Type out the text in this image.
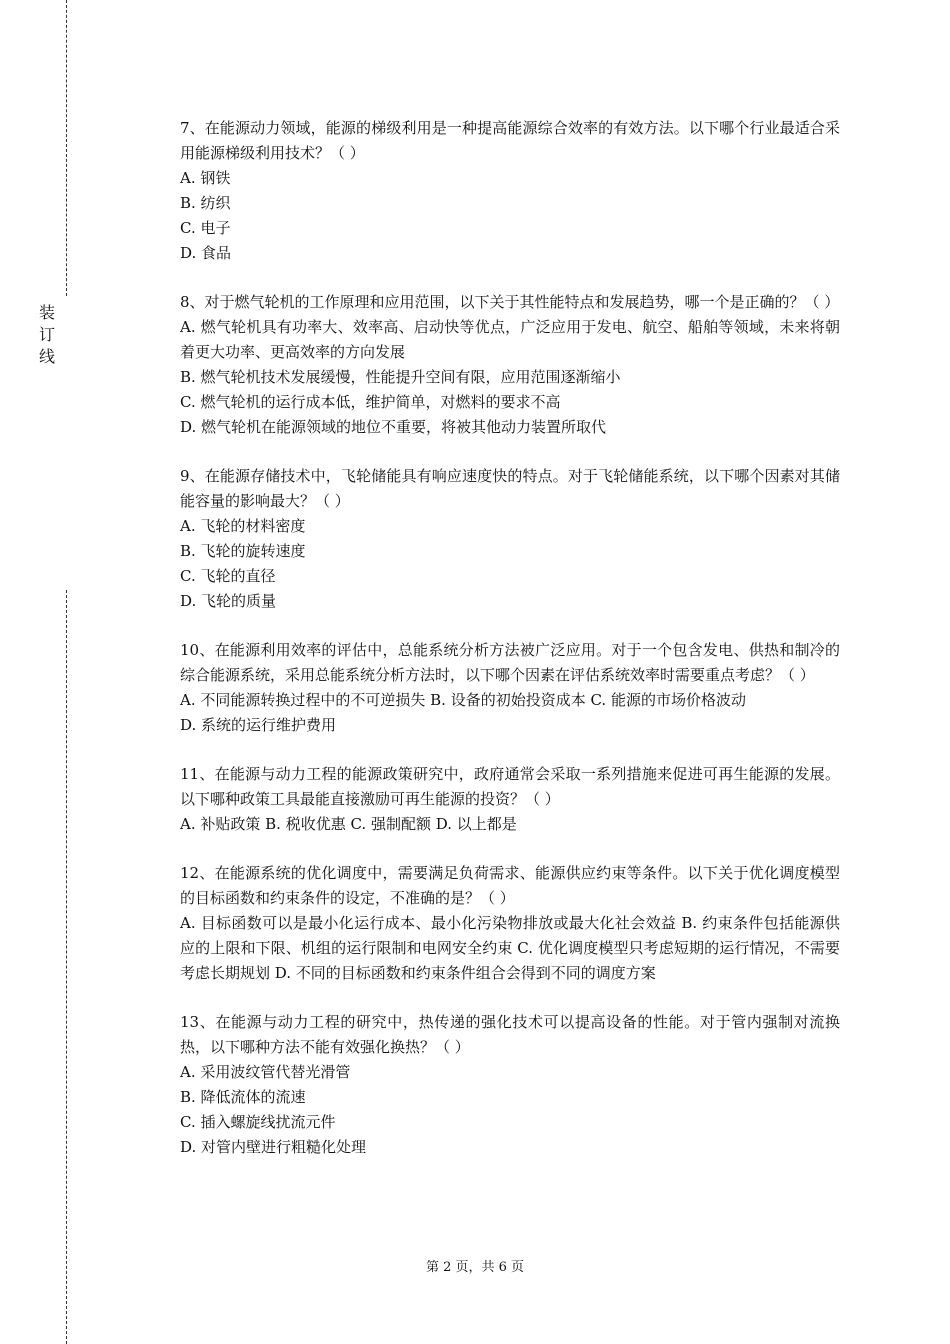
装
订
线
7、在能源动力领域，能源的梯级利用是一种提高能源综合效率的有效方法。以下哪个行业最适合采用能源梯级利用技术？（ ）
A. 钢铁
B. 纺织
C. 电子
D. 食品
8、对于燃气轮机的工作原理和应用范围，以下关于其性能特点和发展趋势，哪一个是正确的？（ ）
A. 燃气轮机具有功率大、效率高、启动快等优点，广泛应用于发电、航空、船舶等领域，未来将朝着更大功率、更高效率的方向发展
B. 燃气轮机技术发展缓慢，性能提升空间有限，应用范围逐渐缩小
C. 燃气轮机的运行成本低，维护简单，对燃料的要求不高
D. 燃气轮机在能源领域的地位不重要，将被其他动力装置所取代
9、在能源存储技术中，飞轮储能具有响应速度快的特点。对于飞轮储能系统，以下哪个因素对其储能容量的影响最大？（ ）
A. 飞轮的材料密度
B. 飞轮的旋转速度
C. 飞轮的直径
D. 飞轮的质量
10、在能源利用效率的评估中，总能系统分析方法被广泛应用。对于一个包含发电、供热和制冷的综合能源系统，采用总能系统分析方法时，以下哪个因素在评估系统效率时需要重点考虑？（ ）
A. 不同能源转换过程中的不可逆损失 B. 设备的初始投资成本 C. 能源的市场价格波动
D. 系统的运行维护费用
11、在能源与动力工程的能源政策研究中，政府通常会采取一系列措施来促进可再生能源的发展。以下哪种政策工具最能直接激励可再生能源的投资？（ ）
A. 补贴政策 B. 税收优惠 C. 强制配额 D. 以上都是
12、在能源系统的优化调度中，需要满足负荷需求、能源供应约束等条件。以下关于优化调度模型的目标函数和约束条件的设定，不准确的是？（ ）
A. 目标函数可以是最小化运行成本、最小化污染物排放或最大化社会效益 B. 约束条件包括能源供应的上限和下限、机组的运行限制和电网安全约束 C. 优化调度模型只考虑短期的运行情况，不需要考虑长期规划 D. 不同的目标函数和约束条件组合会得到不同的调度方案
13、在能源与动力工程的研究中，热传递的强化技术可以提高设备的性能。对于管内强制对流换热，以下哪种方法不能有效强化换热？（ ）
A. 采用波纹管代替光滑管
B. 降低流体的流速
C. 插入螺旋线扰流元件
D. 对管内壁进行粗糙化处理
第 2 页，共 6 页
